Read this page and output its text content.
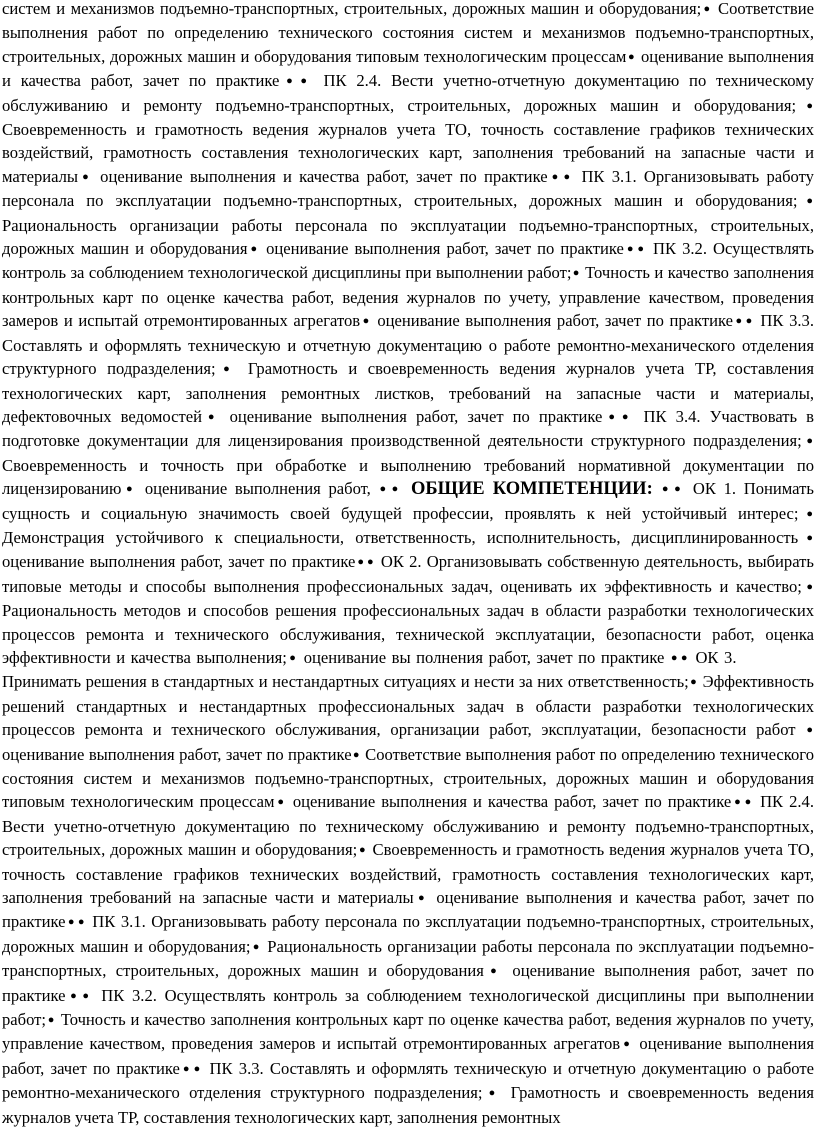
систем и механизмов подъемно-транспортных, строительных, дорожных машин и оборудования;● Соответствие выполнения работ по определению технического состояния систем и механизмов подъемно-транспортных, строительных, дорожных машин и оборудования типовым технологическим процессам● оценивание выполнения и качества работ, зачет по практике● ● ПК 2.4. Вести учетно-отчетную документацию по техническому обслуживанию и ремонту подъемно-транспортных, строительных, дорожных машин и оборудования;● Своевременность и грамотность ведения журналов учета ТО, точность составление графиков технических воздействий, грамотность составления технологических карт, заполнения требований на запасные части и материалы● оценивание выполнения и качества работ, зачет по практике● ● ПК 3.1. Организовывать работу персонала по эксплуатации подъемно-транспортных, строительных, дорожных машин и оборудования;● Рациональность организации работы персонала по эксплуатации подъемно-транспортных, строительных, дорожных машин и оборудования● оценивание выполнения работ, зачет по практике● ● ПК 3.2. Осуществлять контроль за соблюдением технологической дисциплины при выполнении работ;● Точность и качество заполнения контрольных карт по оценке качества работ, ведения журналов по учету, управление качеством, проведения замеров и испытай отремонтированных агрегатов● оценивание выполнения работ, зачет по практике● ● ПК 3.3. Составлять и оформлять техническую и отчетную документацию о работе ремонтно-механического отделения структурного подразделения;● Грамотность и своевременность ведения журналов учета ТР, составления технологических карт, заполнения ремонтных листков, требований на запасные части и материалы, дефектовочных ведомостей● оценивание выполнения работ, зачет по практике● ● ПК 3.4. Участвовать в подготовке документации для лицензирования производственной деятельности структурного подразделения;● Своевременность и точность при обработке и выполнению требований нормативной документации по лицензированию● оценивание выполнения работ, ● ● ОБЩИЕ КОМПЕТЕНЦИИ: ● ● ОК 1. Понимать сущность и социальную значимость своей будущей профессии, проявлять к ней устойчивый интерес;● Демонстрация устойчивого к специальности, ответственность, исполнительность, дисциплинированность● оценивание выполнения работ, зачет по практике● ● ОК 2. Организовывать собственную деятельность, выбирать типовые методы и способы выполнения профессиональных задач, оценивать их эффективность и качество;● Рациональность методов и способов решения профессиональных задач в области разработки технологических процессов ремонта и технического обслуживания, технической эксплуатации, безопасности работ, оценка эффективности и качества выполнения;● оценивание вы полнения работ, зачет по практике ● ● ОК 3. Принимать решения в стандартных и нестандартных ситуациях и нести за них ответственность;● Эффективность решений стандартных и нестандартных профессиональных задач в области разработки технологических процессов ремонта и технического обслуживания, организации работ, эксплуатации, безопасности работ ● оценивание выполнения работ, зачет по практике● Соответствие выполнения работ по определению технического состояния систем и механизмов подъемно-транспортных, строительных, дорожных машин и оборудования типовым технологическим процессам● оценивание выполнения и качества работ, зачет по практике● ● ПК 2.4. Вести учетно-отчетную документацию по техническому обслуживанию и ремонту подъемно-транспортных, строительных, дорожных машин и оборудования;● Своевременность и грамотность ведения журналов учета ТО, точность составление графиков технических воздействий, грамотность составления технологических карт, заполнения требований на запасные части и материалы● оценивание выполнения и качества работ, зачет по практике● ● ПК 3.1. Организовывать работу персонала по эксплуатации подъемно-транспортных, строительных, дорожных машин и оборудования;● Рациональность организации работы персонала по эксплуатации подъемно-транспортных, строительных, дорожных машин и оборудования● оценивание выполнения работ, зачет по практике● ● ПК 3.2. Осуществлять контроль за соблюдением технологической дисциплины при выполнении работ;● Точность и качество заполнения контрольных карт по оценке качества работ, ведения журналов по учету, управление качеством, проведения замеров и испытай отремонтированных агрегатов● оценивание выполнения работ, зачет по практике● ● ПК 3.3. Составлять и оформлять техническую и отчетную документацию о работе ремонтно-механического отделения структурного подразделения;● Грамотность и своевременность ведения журналов учета ТР, составления технологических карт, заполнения ремонтных
